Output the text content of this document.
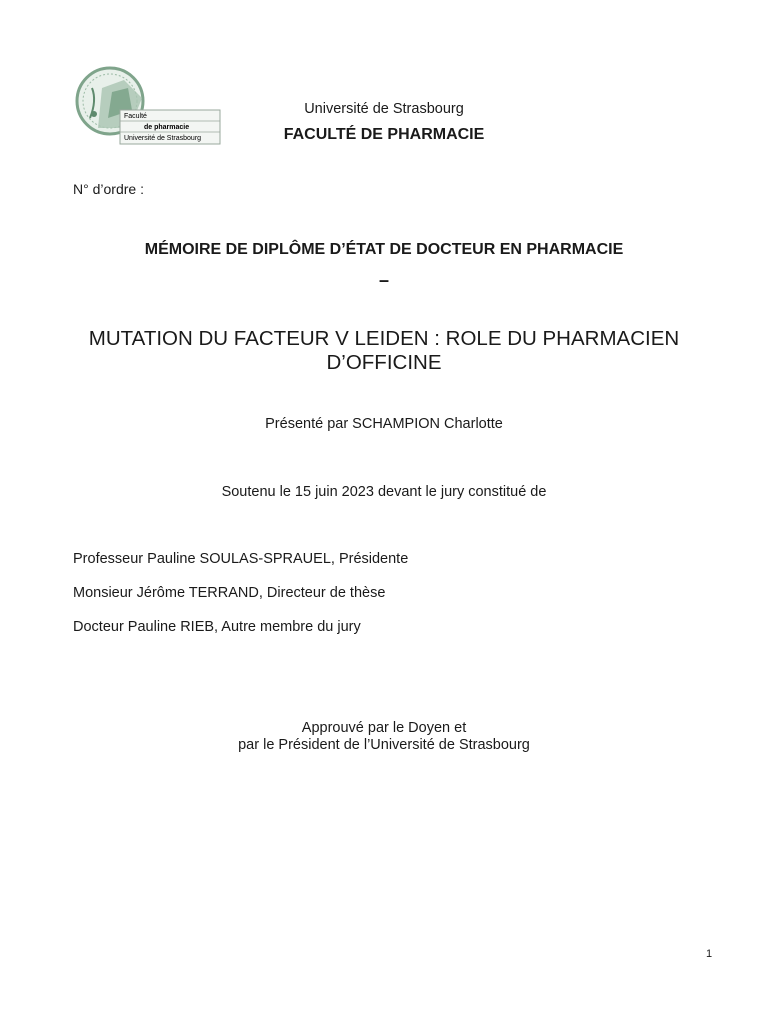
Faculté
de pharmacie
Université de Strasbourg
Université de Strasbourg
FACULTÉ DE PHARMACIE
N° d’ordre :
MÉMOIRE DE DIPLÔME D’ÉTAT DE DOCTEUR EN PHARMACIE
–
MUTATION DU FACTEUR V LEIDEN : ROLE DU PHARMACIEN
D’OFFICINE
Présenté par SCHAMPION Charlotte
Soutenu le 15 juin 2023 devant le jury constitué de
Professeur Pauline SOULAS-SPRAUEL, Présidente
Monsieur Jérôme TERRAND, Directeur de thèse
Docteur Pauline RIEB, Autre membre du jury
Approuvé par le Doyen et
par le Président de l’Université de Strasbourg
1
